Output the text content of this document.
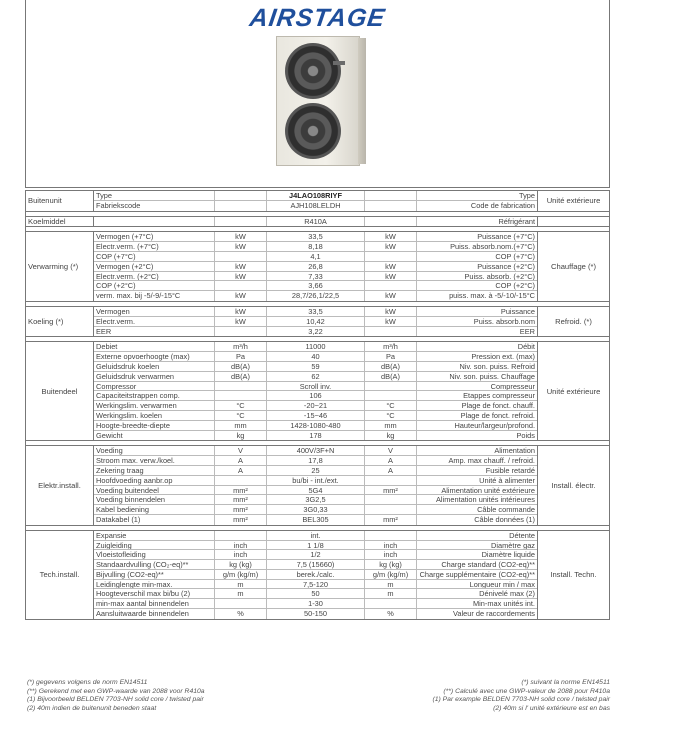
AIRSTAGE
Buitenunit
Type	J4LAO108RIYF	Type
Fabriekscode	AJH108LELDH	Code de fabrication	Unité extérieure
Koelmiddel	R410A	Réfrigérant
Verwarming (*)
Vermogen (+7°C)	kW	33,5	kW	Puissance (+7°C)
Electr.verm. (+7°C)	kW	8,18	kW	Puiss. absorb.nom.(+7°C)
COP (+7°C)	4,1	COP (+7°C)
Vermogen (+2°C)	kW	26,8	kW	Puissance (+2°C)
Electr.verm. (+2°C)	kW	7,33	kW	Puiss. absorb. (+2°C)
COP (+2°C)	3,66	COP (+2°C)
verm. max. bij -5/-9/-15°C	kW	28,7/26,1/22,5	kW	puiss. max. à -5/-10/-15°C
Chauffage (*)
Koeling (*)
Vermogen	kW	33,5	kW	Puissance
Electr.verm.	kW	10,42	kW	Puiss. absorb.nom
EER	3,22	EER
Refroid. (*)
Buitendeel
Debiet	m³/h	11000	m³/h	Débit
Externe opvoerhoogte (max)	Pa	40	Pa	Pression ext. (max)
Geluidsdruk koelen	dB(A)	59	dB(A)	Niv. son. puiss. Refroid
Geluidsdruk verwarmen	dB(A)	62	dB(A)	Niv. son. puiss. Chauffage
Compressor	Scroll inv.	Compresseur
Capaciteitstrappen comp.	106	Etappes compresseur
Werkingslim. verwarmen	°C	-20~21	°C	Plage de fonct. chauff.
Werkingslim. koelen	°C	-15~46	°C	Plage de fonct. refroid.
Hoogte-breedte-diepte	mm	1428-1080-480	mm	Hauteur/largeur/profond.
Gewicht	kg	178	kg	Poids
Unité extérieure
Elektr.install.
Voeding	V	400V/3F+N	V	Alimentation
Stroom max. verw./koel.	A	17,8	A	Amp. max chauff. / refroid.
Zekering traag	A	25	A	Fusible retardé
Hoofdvoeding aanbr.op	bu/bi - int./ext.	Unité à alimenter
Voeding buitendeel	mm²	5G4	mm²	Alimentation unité extérieure
Voeding binnendelen	mm²	3G2,5	Alimentation unités intérieures
Kabel bediening	mm²	3G0,33	Câble commande
Datakabel (1)	mm²	BEL305	mm²	Câble données (1)
Install. électr.
Tech.install.
Expansie	int.	Détente
Zuigleiding	inch	1 1/8	inch	Diamètre gaz
Vloeistofleiding	inch	1/2	inch	Diamètre liquide
Standaardvulling (CO₂-eq)**	kg (kg)	7,5 (15660)	kg (kg)	Charge standard (CO2-eq)**
Bijvulling (CO2-eq)**	g/m (kg/m)	berek./calc.	g/m (kg/m)	Charge supplémentaire (CO2-eq)**
Leidinglengte min-max.	m	7,5-120	m	Longueur min / max
Hoogteverschil max bi/bu (2)	m	50	m	Dénivelé max (2)
min-max aantal binnendelen	1-30	Min-max unités int.
Aansluitwaarde binnendelen	%	50-150	%	Valeur de raccordements
Install. Techn.
(*) gegevens volgens de norm EN14511	(*) suivant la norme EN14511
(**) Gerekend met een GWP-waarde van 2088 voor R410a	(**) Calculé avec une GWP-valeur de 2088 pour R410a
(1) Bijvoorbeeld BELDEN 7703-NH solid core / twisted pair	(1) Par example BELDEN 7703-NH solid core / twisted pair
(2) 40m indien de buitenunit beneden staat	(2) 40m si l' unité extérieure est en bas
